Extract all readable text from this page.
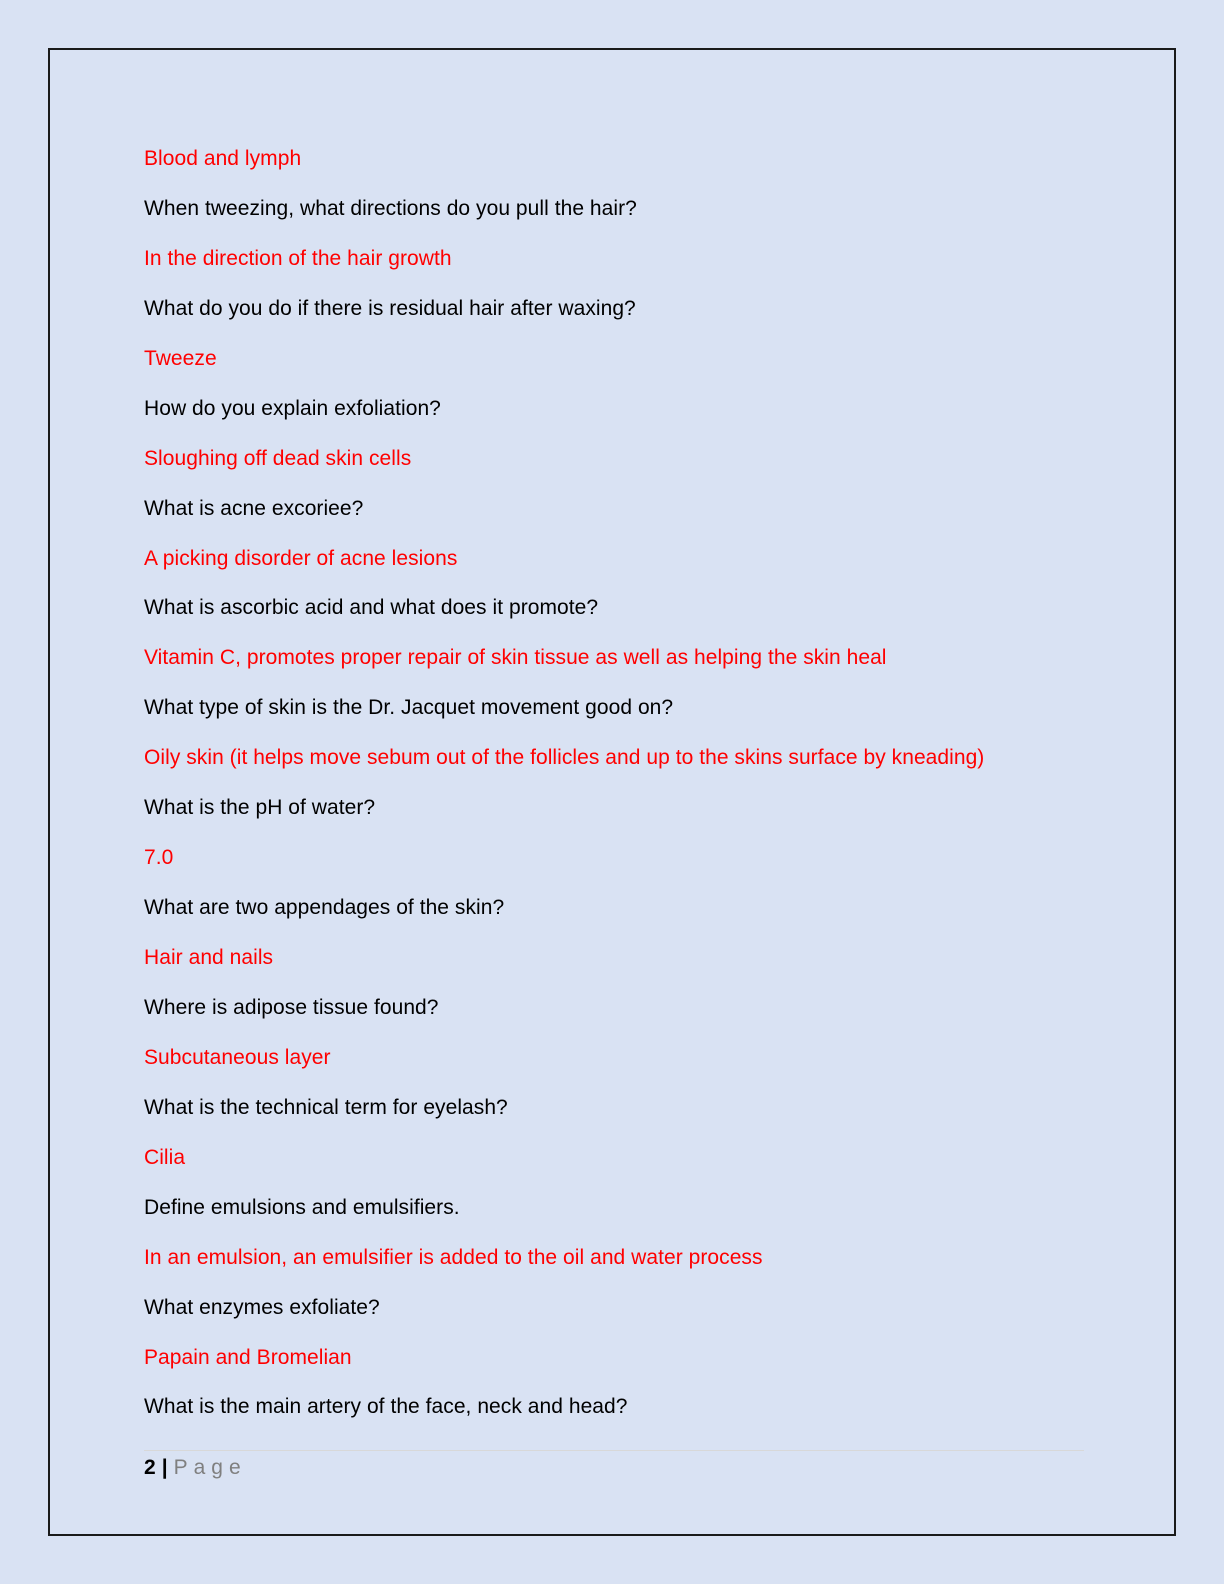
Blood and lymph
When tweezing, what directions do you pull the hair?
In the direction of the hair growth
What do you do if there is residual hair after waxing?
Tweeze
How do you explain exfoliation?
Sloughing off dead skin cells
What is acne excoriee?
A picking disorder of acne lesions
What is ascorbic acid and what does it promote?
Vitamin C, promotes proper repair of skin tissue as well as helping the skin heal
What type of skin is the Dr. Jacquet movement good on?
Oily skin (it helps move sebum out of the follicles and up to the skins surface by kneading)
What is the pH of water?
7.0
What are two appendages of the skin?
Hair and nails
Where is adipose tissue found?
Subcutaneous layer
What is the technical term for eyelash?
Cilia
Define emulsions and emulsifiers.
In an emulsion, an emulsifier is added to the oil and water process
What enzymes exfoliate?
Papain and Bromelian
What is the main artery of the face, neck and head?
2 | Page
